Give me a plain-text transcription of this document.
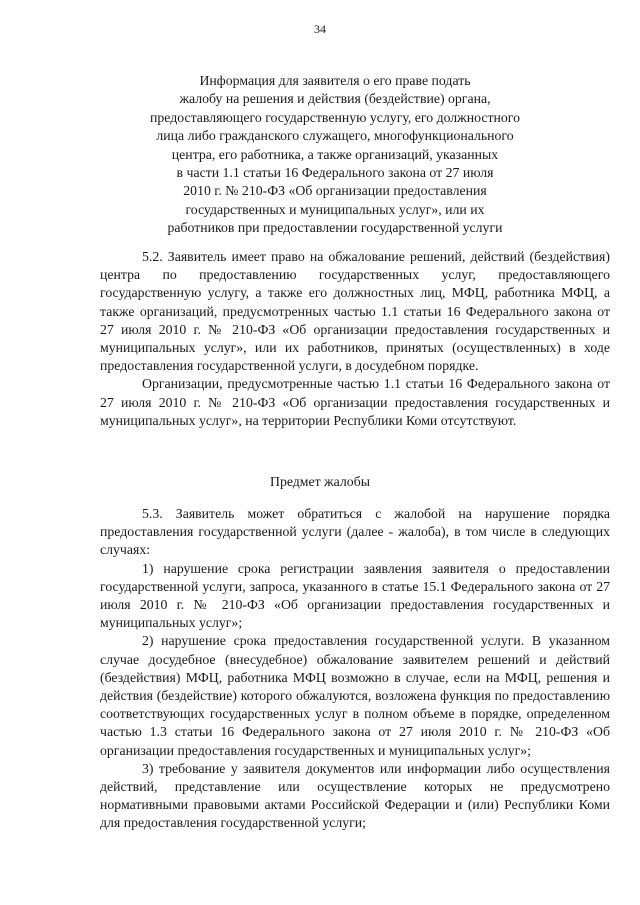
34
Информация для заявителя о его праве подать
жалобу на решения и действия (бездействие) органа,
предоставляющего государственную услугу, его должностного
лица либо гражданского служащего, многофункционального
центра, его работника, а также организаций, указанных
в части 1.1 статьи 16 Федерального закона от 27 июля
2010 г. № 210-ФЗ «Об организации предоставления
государственных и муниципальных услуг», или их
работников при предоставлении государственной услуги

5.2. Заявитель имеет право на обжалование решений, действий (бездействия) центра по предоставлению государственных услуг, предоставляющего государственную услугу, а также его должностных лиц, МФЦ, работника МФЦ, а также организаций, предусмотренных частью 1.1 статьи 16 Федерального закона от 27 июля 2010 г. № 210-ФЗ «Об организации предоставления государственных и муниципальных услуг», или их работников, принятых (осуществленных) в ходе предоставления государственной услуги, в досудебном порядке.

Организации, предусмотренные частью 1.1 статьи 16 Федерального закона от 27 июля 2010 г. № 210-ФЗ «Об организации предоставления государственных и муниципальных услуг», на территории Республики Коми отсутствуют.

Предмет жалобы

5.3. Заявитель может обратиться с жалобой на нарушение порядка предоставления государственной услуги (далее - жалоба), в том числе в следующих случаях:

1) нарушение срока регистрации заявления заявителя о предоставлении государственной услуги, запроса, указанного в статье 15.1 Федерального закона от 27 июля 2010 г. № 210-ФЗ «Об организации предоставления государственных и муниципальных услуг»;

2) нарушение срока предоставления государственной услуги. В указанном случае досудебное (внесудебное) обжалование заявителем решений и действий (бездействия) МФЦ, работника МФЦ возможно в случае, если на МФЦ, решения и действия (бездействие) которого обжалуются, возложена функция по предоставлению соответствующих государственных услуг в полном объеме в порядке, определенном частью 1.3 статьи 16 Федерального закона от 27 июля 2010 г. № 210-ФЗ «Об организации предоставления государственных и муниципальных услуг»;

3) требование у заявителя документов или информации либо осуществления действий, представление или осуществление которых не предусмотрено нормативными правовыми актами Российской Федерации и (или) Республики Коми для предоставления государственной услуги;
